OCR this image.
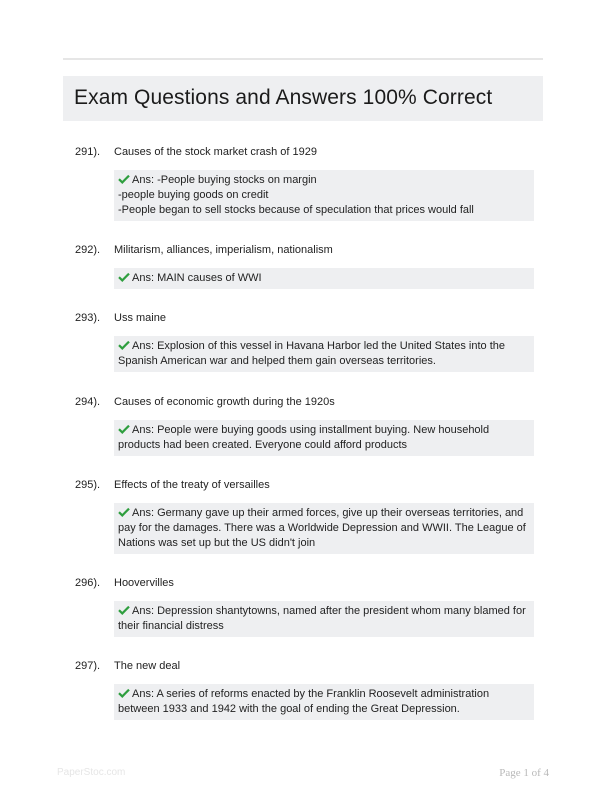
Exam Questions and Answers 100% Correct
291). Causes of the stock market crash of 1929
Ans: -People buying stocks on margin
-people buying goods on credit
-People began to sell stocks because of speculation that prices would fall
292). Militarism, alliances, imperialism, nationalism
Ans: MAIN causes of WWI
293). Uss maine
Ans: Explosion of this vessel in Havana Harbor led the United States into the Spanish American war and helped them gain overseas territories.
294). Causes of economic growth during the 1920s
Ans: People were buying goods using installment buying. New household products had been created. Everyone could afford products
295). Effects of the treaty of versailles
Ans: Germany gave up their armed forces, give up their overseas territories, and pay for the damages. There was a Worldwide Depression and WWII. The League of Nations was set up but the US didn't join
296). Hoovervilles
Ans: Depression shantytowns, named after the president whom many blamed for their financial distress
297). The new deal
Ans: A series of reforms enacted by the Franklin Roosevelt administration between 1933 and 1942 with the goal of ending the Great Depression.
PaperStoc.com	Page 1 of 4
